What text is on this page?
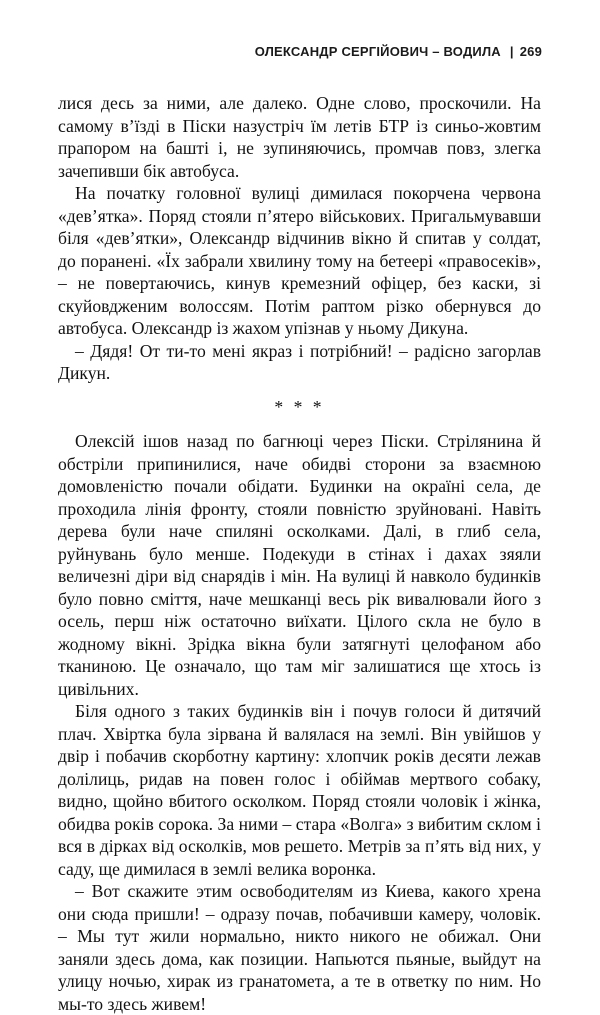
ОЛЕКСАНДР СЕРГІЙОВИЧ – ВОДИЛА | 269

лися десь за ними, але далеко. Одне слово, проскочили. На самому в’їзді в Піски назустріч їм летів БТР із синьо-жовтим прапором на башті і, не зупиняючись, промчав повз, злегка зачепивши бік автобуса.

На початку головної вулиці димилася покорчена червона «дев’ятка». Поряд стояли п’ятеро військових. Пригальмувавши біля «дев’ятки», Олександр відчинив вікно й спитав у солдат, до поранені. «Їх забрали хвилину тому на бетеері «правосеків», – не повертаючись, кинув кремезний офіцер, без каски, зі скуйовдженим волоссям. Потім раптом різко обернувся до автобуса. Олександр із жахом упізнав у ньому Дикуна.

– Дядя! От ти-то мені якраз і потрібний! – радісно загорлав Дикун.

* * *

Олексій ішов назад по багнюці через Піски. Стрілянина й обстріли припинилися, наче обидві сторони за взаємною домовленістю почали обідати. Будинки на окраїні села, де проходила лінія фронту, стояли повністю зруйновані. Навіть дерева були наче спиляні осколками. Далі, в глиб села, руйнувань було менше. Подекуди в стінах і дахах зяяли величезні діри від снарядів і мін. На вулиці й навколо будинків було повно сміття, наче мешканці весь рік вивалювали його з осель, перш ніж остаточно виїхати. Цілого скла не було в жодному вікні. Зрідка вікна були затягнуті целофаном або тканиною. Це означало, що там міг залишатися ще хтось із цивільних.

Біля одного з таких будинків він і почув голоси й дитячий плач. Хвіртка була зірвана й валялася на землі. Він увійшов у двір і побачив скорботну картину: хлопчик років десяти лежав долілиць, ридав на повен голос і обіймав мертвого собаку, видно, щойно вбитого осколком. Поряд стояли чоловік і жінка, обидва років сорока. За ними – стара «Волга» з вибитим склом і вся в дірках від осколків, мов решето. Метрів за п’ять від них, у саду, ще димилася в землі велика воронка.

– Вот скажите этим освободителям из Киева, какого хрена они сюда пришли! – одразу почав, побачивши камеру, чоловік. – Мы тут жили нормально, никто никого не обижал. Они заняли здесь дома, как позиции. Напьются пьяные, выйдут на улицу ночью, хирак из гранатомета, а те в ответку по ним. Но мы-то здесь живем!
